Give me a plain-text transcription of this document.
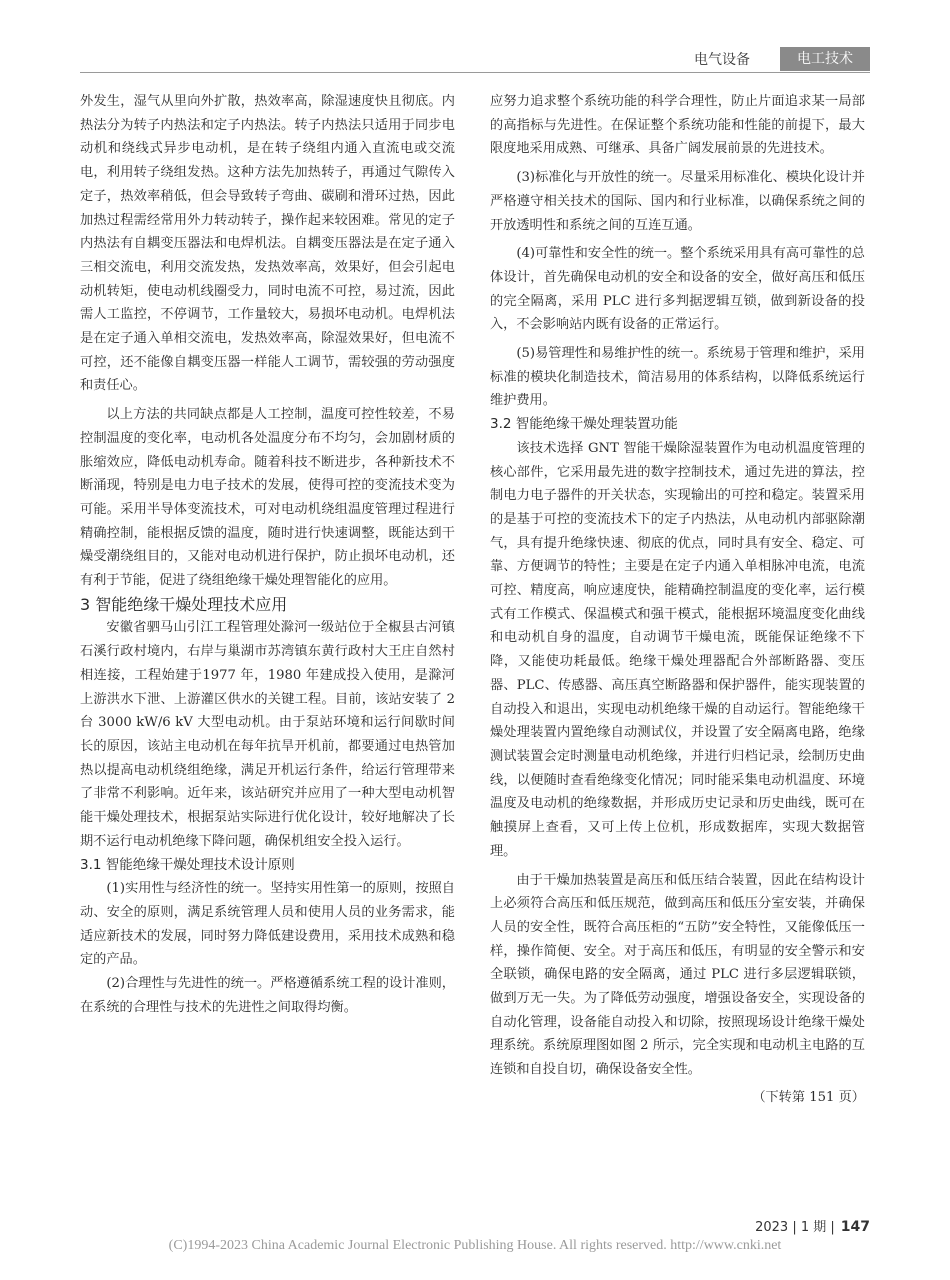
电气设备	电工技术

外发生，湿气从里向外扩散，热效率高，除湿速度快且彻底。内热法分为转子内热法和定子内热法。转子内热法只适用于同步电动机和绕线式异步电动机，是在转子绕组内通入直流电或交流电，利用转子绕组发热。这种方法先加热转子，再通过气隙传入定子，热效率稍低，但会导致转子弯曲、碳刷和滑环过热，因此加热过程需经常用外力转动转子，操作起来较困难。常见的定子内热法有自耦变压器法和电焊机法。自耦变压器法是在定子通入三相交流电，利用交流发热，发热效率高，效果好，但会引起电动机转矩，使电动机线圈受力，同时电流不可控，易过流，因此需人工监控，不停调节，工作量较大，易损坏电动机。电焊机法是在定子通入单相交流电，发热效率高，除湿效果好，但电流不可控，还不能像自耦变压器一样能人工调节，需较强的劳动强度和责任心。

以上方法的共同缺点都是人工控制，温度可控性较差，不易控制温度的变化率，电动机各处温度分布不均匀，会加剧材质的胀缩效应，降低电动机寿命。随着科技不断进步，各种新技术不断涌现，特别是电力电子技术的发展，使得可控的变流技术变为可能。采用半导体变流技术，可对电动机绕组温度管理过程进行精确控制，能根据反馈的温度，随时进行快速调整，既能达到干燥受潮绕组目的，又能对电动机进行保护，防止损坏电动机，还有利于节能，促进了绕组绝缘干燥处理智能化的应用。

3 智能绝缘干燥处理技术应用

安徽省驷马山引江工程管理处滁河一级站位于全椒县古河镇石溪行政村境内，右岸与巢湖市苏湾镇东黄行政村大王庄自然村相连接，工程始建于1977 年，1980 年建成投入使用，是滁河上游洪水下泄、上游灌区供水的关键工程。目前，该站安装了 2 台 3000 kW/6 kV 大型电动机。由于泵站环境和运行间歇时间长的原因，该站主电动机在每年抗旱开机前，都要通过电热管加热以提高电动机绕组绝缘，满足开机运行条件，给运行管理带来了非常不利影响。近年来，该站研究并应用了一种大型电动机智能干燥处理技术，根据泵站实际进行优化设计，较好地解决了长期不运行电动机绝缘下降问题，确保机组安全投入运行。

3.1 智能绝缘干燥处理技术设计原则

(1)实用性与经济性的统一。坚持实用性第一的原则，按照自动、安全的原则，满足系统管理人员和使用人员的业务需求，能适应新技术的发展，同时努力降低建设费用，采用技术成熟和稳定的产品。

(2)合理性与先进性的统一。严格遵循系统工程的设计准则，在系统的合理性与技术的先进性之间取得均衡。

应努力追求整个系统功能的科学合理性，防止片面追求某一局部的高指标与先进性。在保证整个系统功能和性能的前提下，最大限度地采用成熟、可继承、具备广阔发展前景的先进技术。

(3)标准化与开放性的统一。尽量采用标准化、模块化设计并严格遵守相关技术的国际、国内和行业标准，以确保系统之间的开放透明性和系统之间的互连互通。

(4)可靠性和安全性的统一。整个系统采用具有高可靠性的总体设计，首先确保电动机的安全和设备的安全，做好高压和低压的完全隔离，采用 PLC 进行多判据逻辑互锁，做到新设备的投入，不会影响站内既有设备的正常运行。

(5)易管理性和易维护性的统一。系统易于管理和维护，采用标准的模块化制造技术，简洁易用的体系结构，以降低系统运行维护费用。

3.2 智能绝缘干燥处理装置功能

该技术选择 GNT 智能干燥除湿装置作为电动机温度管理的核心部件，它采用最先进的数字控制技术，通过先进的算法，控制电力电子器件的开关状态，实现输出的可控和稳定。装置采用的是基于可控的变流技术下的定子内热法，从电动机内部驱除潮气，具有提升绝缘快速、彻底的优点，同时具有安全、稳定、可靠、方便调节的特性；主要是在定子内通入单相脉冲电流，电流可控、精度高，响应速度快，能精确控制温度的变化率，运行模式有工作模式、保温模式和强干模式，能根据环境温度变化曲线和电动机自身的温度，自动调节干燥电流，既能保证绝缘不下降，又能使功耗最低。绝缘干燥处理器配合外部断路器、变压器、PLC、传感器、高压真空断路器和保护器件，能实现装置的自动投入和退出，实现电动机绝缘干燥的自动运行。智能绝缘干燥处理装置内置绝缘自动测试仪，并设置了安全隔离电路，绝缘测试装置会定时测量电动机绝缘，并进行归档记录，绘制历史曲线，以便随时查看绝缘变化情况；同时能采集电动机温度、环境温度及电动机的绝缘数据，并形成历史记录和历史曲线，既可在触摸屏上查看，又可上传上位机，形成数据库，实现大数据管理。

由于干燥加热装置是高压和低压结合装置，因此在结构设计上必须符合高压和低压规范，做到高压和低压分室安装，并确保人员的安全性，既符合高压柜的“五防”安全特性，又能像低压一样，操作简便、安全。对于高压和低压，有明显的安全警示和安全联锁，确保电路的安全隔离，通过 PLC 进行多层逻辑联锁，做到万无一失。为了降低劳动强度，增强设备安全，实现设备的自动化管理，设备能自动投入和切除，按照现场设计绝缘干燥处理系统。系统原理图如图 2 所示，完全实现和电动机主电路的互连锁和自投自切，确保设备安全性。

（下转第 151 页）

2023 | 1 期 | 147
(C)1994-2023 China Academic Journal Electronic Publishing House. All rights reserved. http://www.cnki.net
